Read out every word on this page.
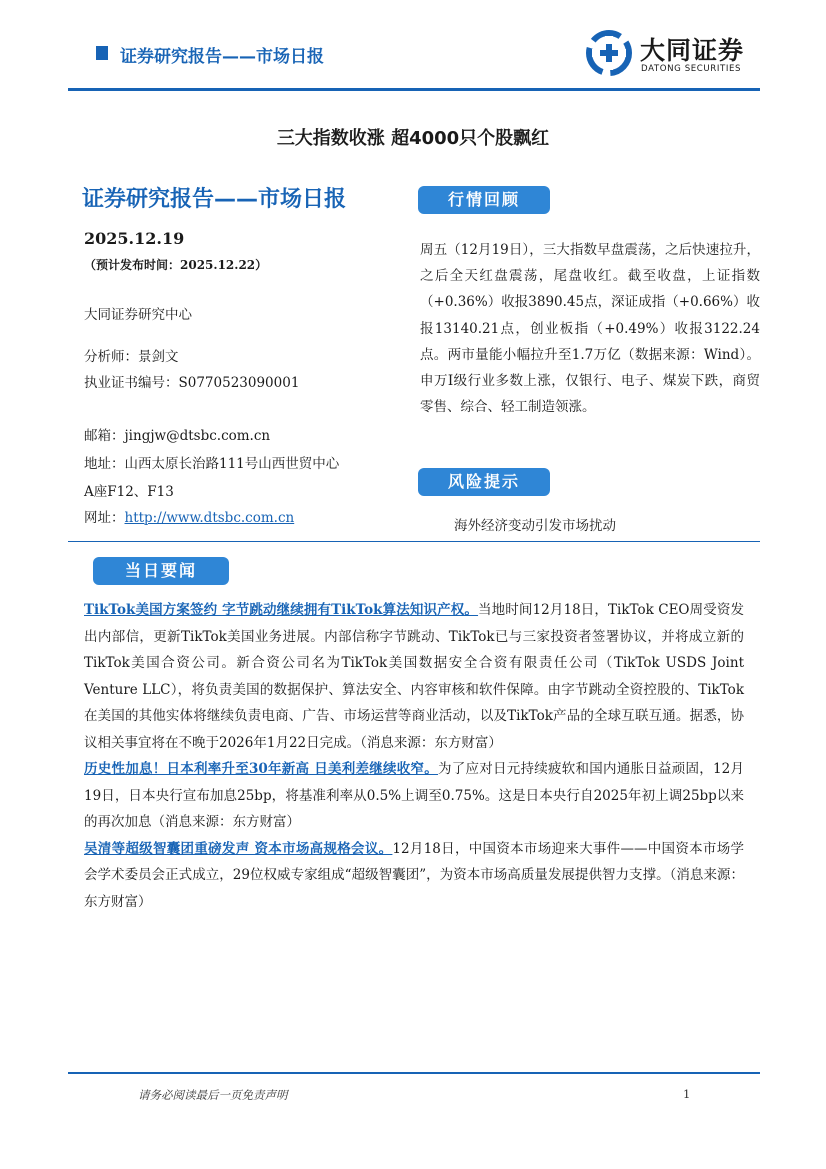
证券研究报告——市场日报	大同证券
DATONG SECURITIES
三大指数收涨 超4000只个股飘红
证券研究报告——市场日报
2025.12.19
（预计发布时间：2025.12.22）
大同证券研究中心
分析师：景剑文
执业证书编号：S0770523090001
邮箱：jingjw@dtsbc.com.cn
地址：山西太原长治路111号山西世贸中心
A座F12、F13
网址：http://www.dtsbc.com.cn
行情回顾
周五（12月19日），三大指数早盘震荡，之后快速拉升，之后全天红盘震荡，尾盘收红。截至收盘，上证指数（+0.36%）收报3890.45点，深证成指（+0.66%）收报13140.21点，创业板指（+0.49%）收报3122.24点。两市量能小幅拉升至1.7万亿（数据来源：Wind）。申万Ⅰ级行业多数上涨，仅银行、电子、煤炭下跌，商贸零售、综合、轻工制造领涨。
风险提示
海外经济变动引发市场扰动
当日要闻
TikTok美国方案签约 字节跳动继续拥有TikTok算法知识产权。当地时间12月18日，TikTok CEO周受资发出内部信，更新TikTok美国业务进展。内部信称字节跳动、TikTok已与三家投资者签署协议，并将成立新的TikTok美国合资公司。新合资公司名为TikTok美国数据安全合资有限责任公司（TikTok USDS Joint Venture LLC），将负责美国的数据保护、算法安全、内容审核和软件保障。由字节跳动全资控股的、TikTok在美国的其他实体将继续负责电商、广告、市场运营等商业活动，以及TikTok产品的全球互联互通。据悉，协议相关事宜将在不晚于2026年1月22日完成。（消息来源：东方财富）
历史性加息！日本利率升至30年新高 日美利差继续收窄。为了应对日元持续疲软和国内通胀日益顽固，12月19日，日本央行宣布加息25bp，将基准利率从0.5%上调至0.75%。这是日本央行自2025年初上调25bp以来的再次加息（消息来源：东方财富）
吴清等超级智囊团重磅发声 资本市场高规格会议。12月18日，中国资本市场迎来大事件——中国资本市场学会学术委员会正式成立，29位权威专家组成“超级智囊团”，为资本市场高质量发展提供智力支撑。（消息来源：东方财富）
请务必阅读最后一页免责声明	1
